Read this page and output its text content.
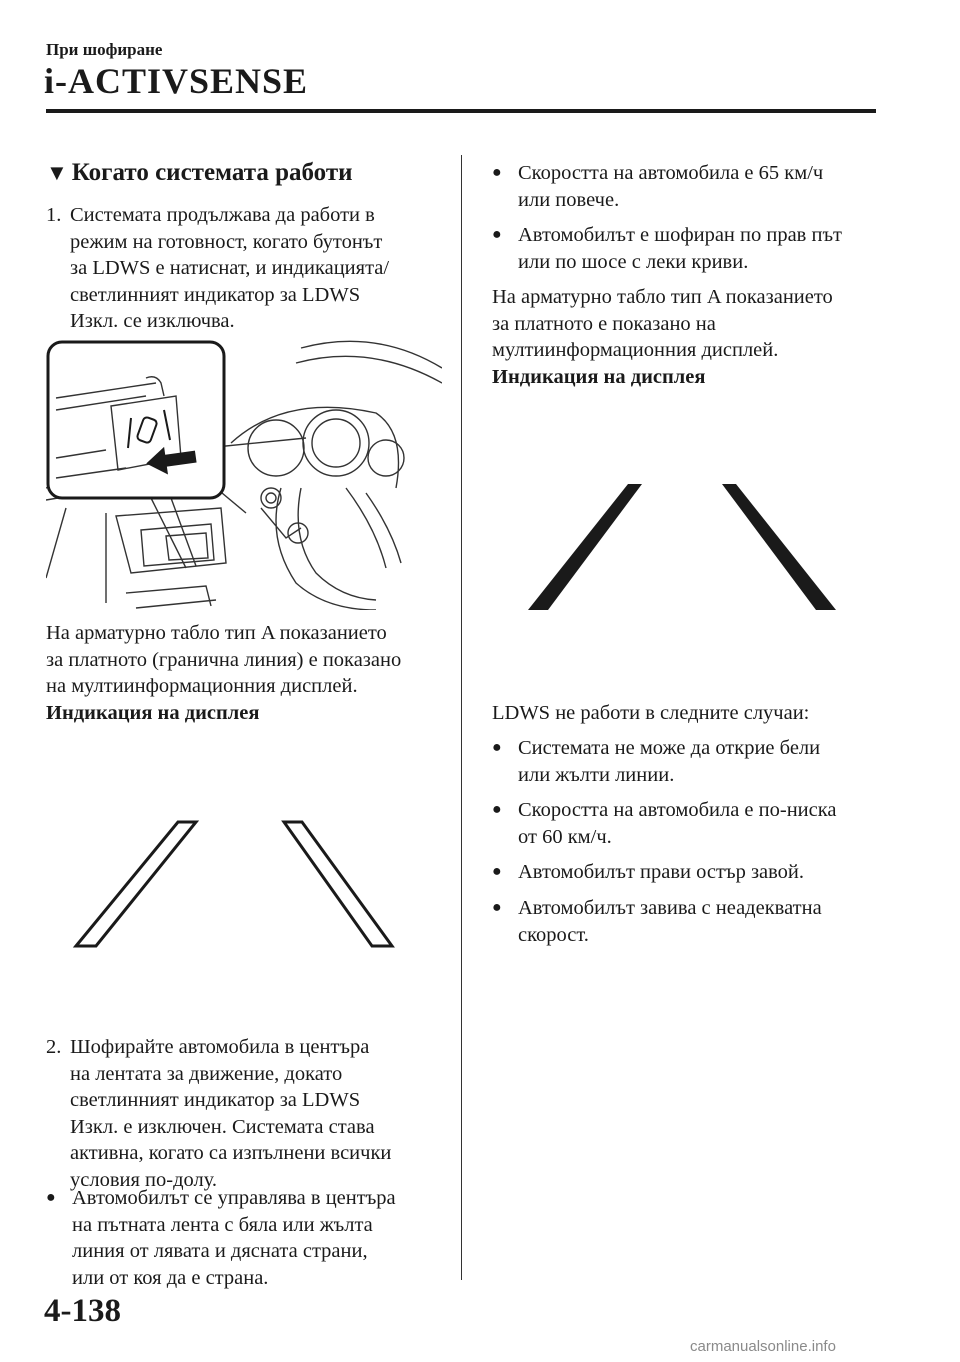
При шофиране
i-ACTIVSENSE
▼ Когато системата работи
1. Системата продължава да работи в
режим на готовност, когато бутонът
за LDWS е натиснат, и индикацията/
светлинният индикатор за LDWS
Изкл. се изключва.
На арматурно табло тип A показанието
за платното (гранична линия) е показано
на мултиинформационния дисплей.
Индикация на дисплея
2. Шофирайте автомобила в центъра
на лентата за движение, докато
светлинният индикатор за LDWS
Изкл. е изключен. Системата става
активна, когато са изпълнени всички
условия по-долу.
● Автомобилът се управлява в центъра
на пътната лента с бяла или жълта
линия от лявата и дясната страни,
или от коя да е страна.
● Скоростта на автомобила е 65 км/ч
или повече.
● Автомобилът е шофиран по прав път
или по шосе с леки криви.
На арматурно табло тип A показанието
за платното е показано на
мултиинформационния дисплей.
Индикация на дисплея
LDWS не работи в следните случаи:
● Системата не може да открие бели
или жълти линии.
● Скоростта на автомобила е по-ниска
от 60 км/ч.
● Автомобилът прави остър завой.
● Автомобилът завива с неадекватна
скорост.
4-138
carmanualsonline.info
